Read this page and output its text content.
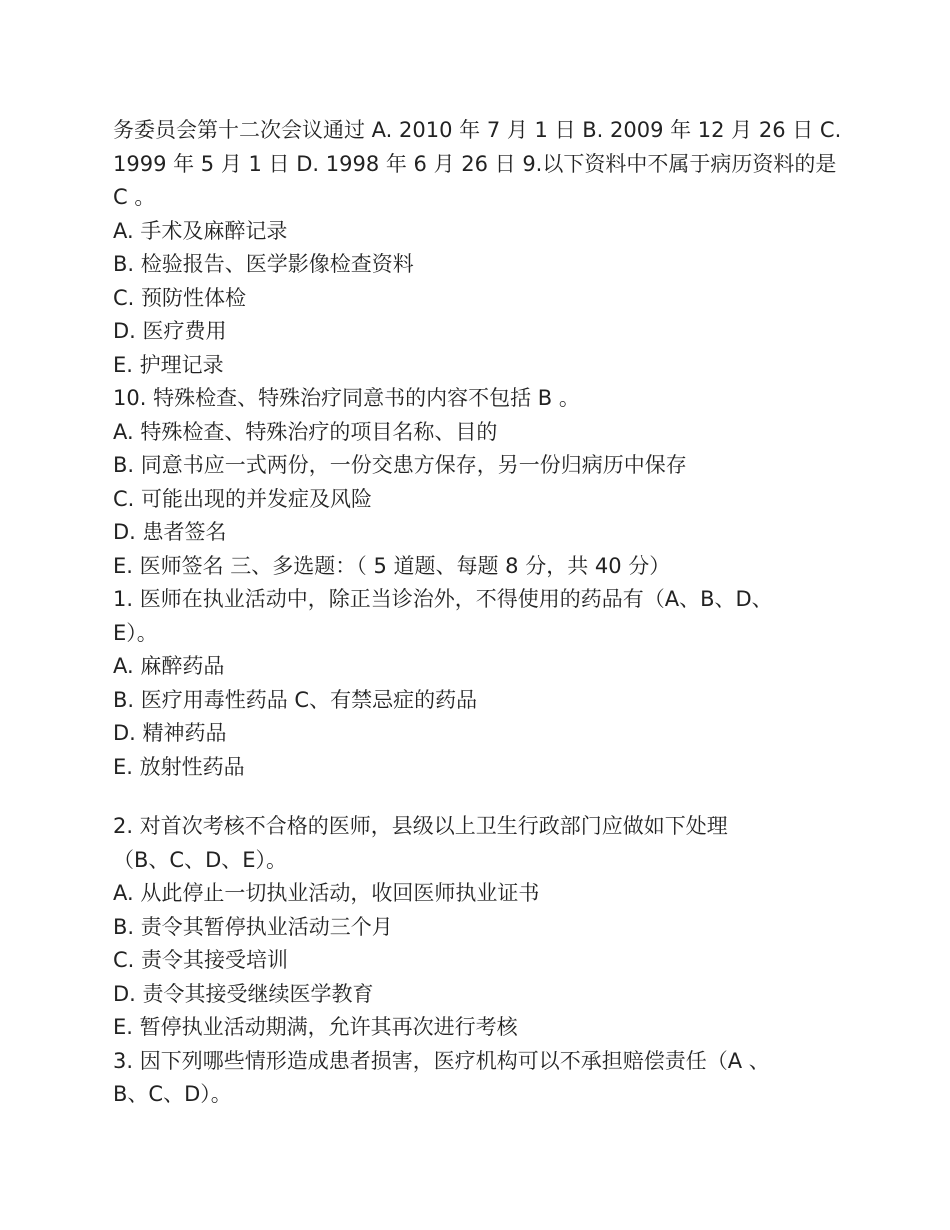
务委员会第十二次会议通过 A. 2010 年 7 月 1 日 B. 2009 年 12 月 26 日 C.
1999 年 5 月 1 日 D. 1998 年 6 月 26 日 9.以下资料中不属于病历资料的是
C 。
A. 手术及麻醉记录
B. 检验报告、医学影像检查资料
C. 预防性体检
D. 医疗费用
E. 护理记录
10. 特殊检查、特殊治疗同意书的内容不包括 B 。
A. 特殊检查、特殊治疗的项目名称、目的
B. 同意书应一式两份，一份交患方保存，另一份归病历中保存
C. 可能出现的并发症及风险
D. 患者签名
E. 医师签名 三、多选题：（ 5 道题、每题 8 分，共 40 分）
1. 医师在执业活动中，除正当诊治外，不得使用的药品有（A、B、D、
E）。
A. 麻醉药品
B. 医疗用毒性药品 C、有禁忌症的药品
D. 精神药品
E. 放射性药品
2. 对首次考核不合格的医师，县级以上卫生行政部门应做如下处理
（B、C、D、E）。
A. 从此停止一切执业活动，收回医师执业证书
B. 责令其暂停执业活动三个月
C. 责令其接受培训
D. 责令其接受继续医学教育
E. 暂停执业活动期满，允许其再次进行考核
3. 因下列哪些情形造成患者损害，医疗机构可以不承担赔偿责任（A 、
B、C、D）。
